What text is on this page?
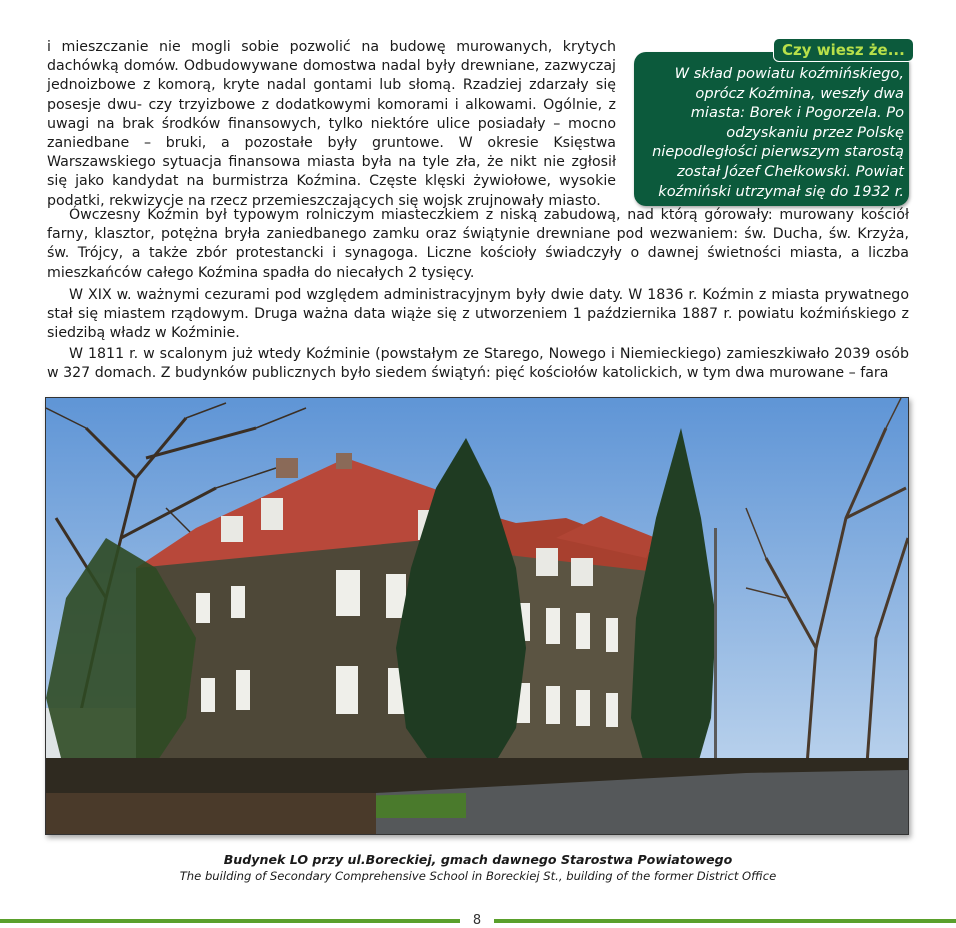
i mieszczanie nie mogli sobie pozwolić na budowę murowanych, krytych dachówką domów. Odbudowywane domostwa nadal były drewniane, zazwyczaj jednoizbowe z komorą, kryte nadal gontami lub słomą. Rzadziej zdarzały się posesje dwu- czy trzyizbowe z dodatkowymi komorami i alkowami. Ogólnie, z uwagi na brak środków finansowych, tylko niektóre ulice posiadały – mocno zaniedbane – bruki, a pozostałe były gruntowe. W okresie Księstwa Warszawskiego sytuacja finansowa miasta była na tyle zła, że nikt nie zgłosił się jako kandydat na burmistrza Koźmina. Częste klęski żywiołowe, wysokie podatki, rekwizycje na rzecz przemieszczających się wojsk zrujnowały miasto.

Czy wiesz że...

W skład powiatu koźmińskiego, oprócz Koźmina, weszły dwa miasta: Borek i Pogorzela. Po odzyskaniu przez Polskę niepodległości pierwszym starostą został Józef Chełkowski. Powiat koźmiński utrzymał się do 1932 r.

Ówczesny Koźmin był typowym rolniczym miasteczkiem z niską zabudową, nad którą górowały: murowany kościół farny, klasztor, potężna bryła zaniedbanego zamku oraz świątynie drewniane pod wezwaniem: św. Ducha, św. Krzyża, św. Trójcy, a także zbór protestancki i synagoga. Liczne kościoły świadczyły o dawnej świetności miasta, a liczba mieszkańców całego Koźmina spadła do niecałych 2 tysięcy.

W XIX w. ważnymi cezurami pod względem administracyjnym były dwie daty. W 1836 r. Koźmin z miasta prywatnego stał się miastem rządowym. Druga ważna data wiąże się z utworzeniem 1 października 1887 r. powiatu koźmińskiego z siedzibą władz w Koźminie.

W 1811 r. w scalonym już wtedy Koźminie (powstałym ze Starego, Nowego i Niemieckiego) zamieszkiwało 2039 osób w 327 domach. Z budynków publicznych było siedem świątyń: pięć kościołów katolickich, w tym dwa murowane – fara

Budynek LO przy ul.Boreckiej, gmach dawnego Starostwa Powiatowego
The building of Secondary Comprehensive School in Boreckiej St., building of the former District Office
8
